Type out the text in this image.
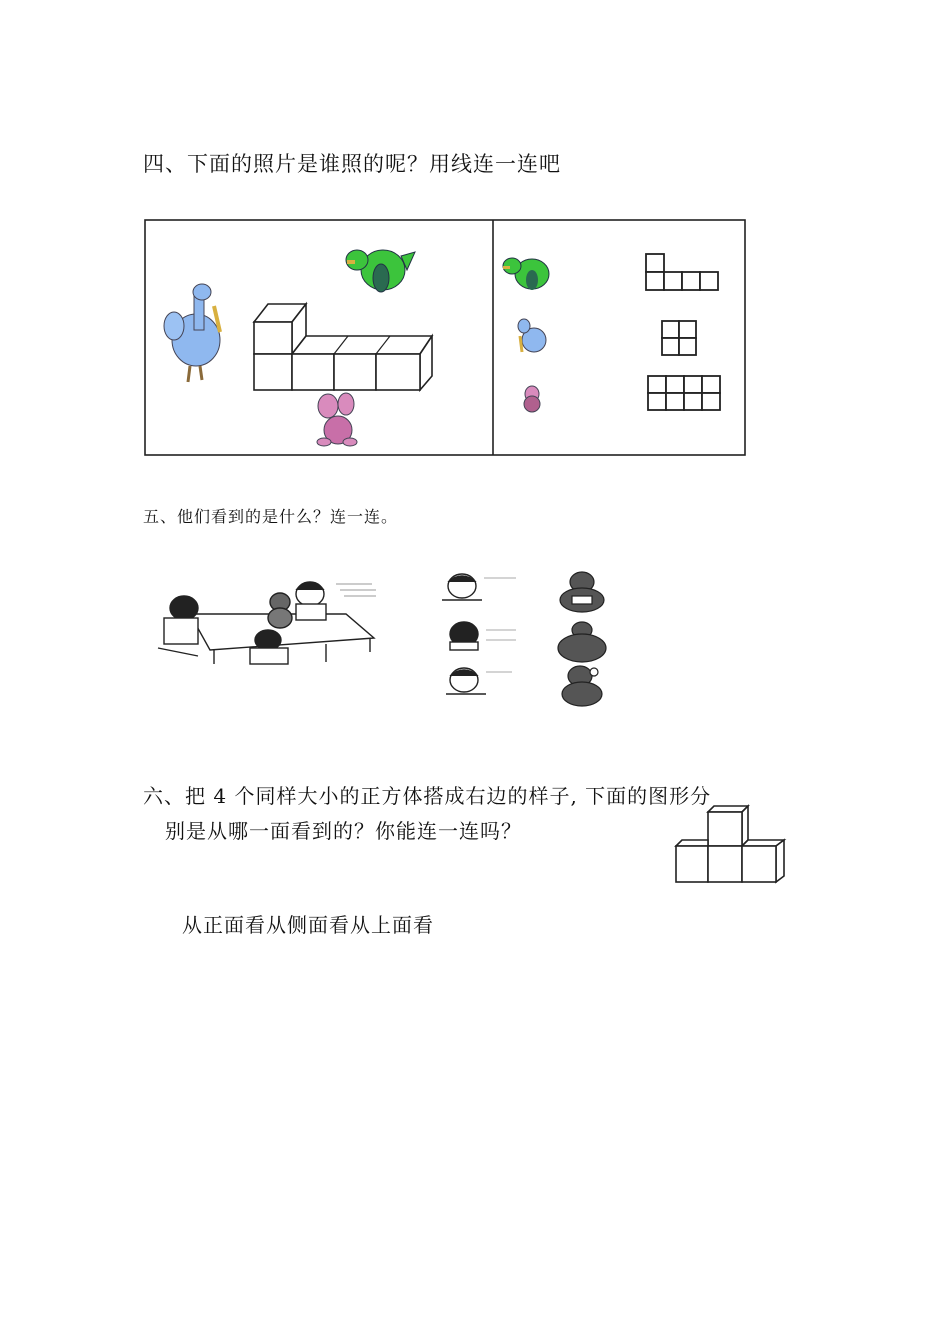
四、下面的照片是谁照的呢？用线连一连吧
五、他们看到的是什么？连一连。
六、把 4 个同样大小的正方体搭成右边的样子, 下面的图形分
别是从哪一面看到的？你能连一连吗？
从正面看从侧面看从上面看
